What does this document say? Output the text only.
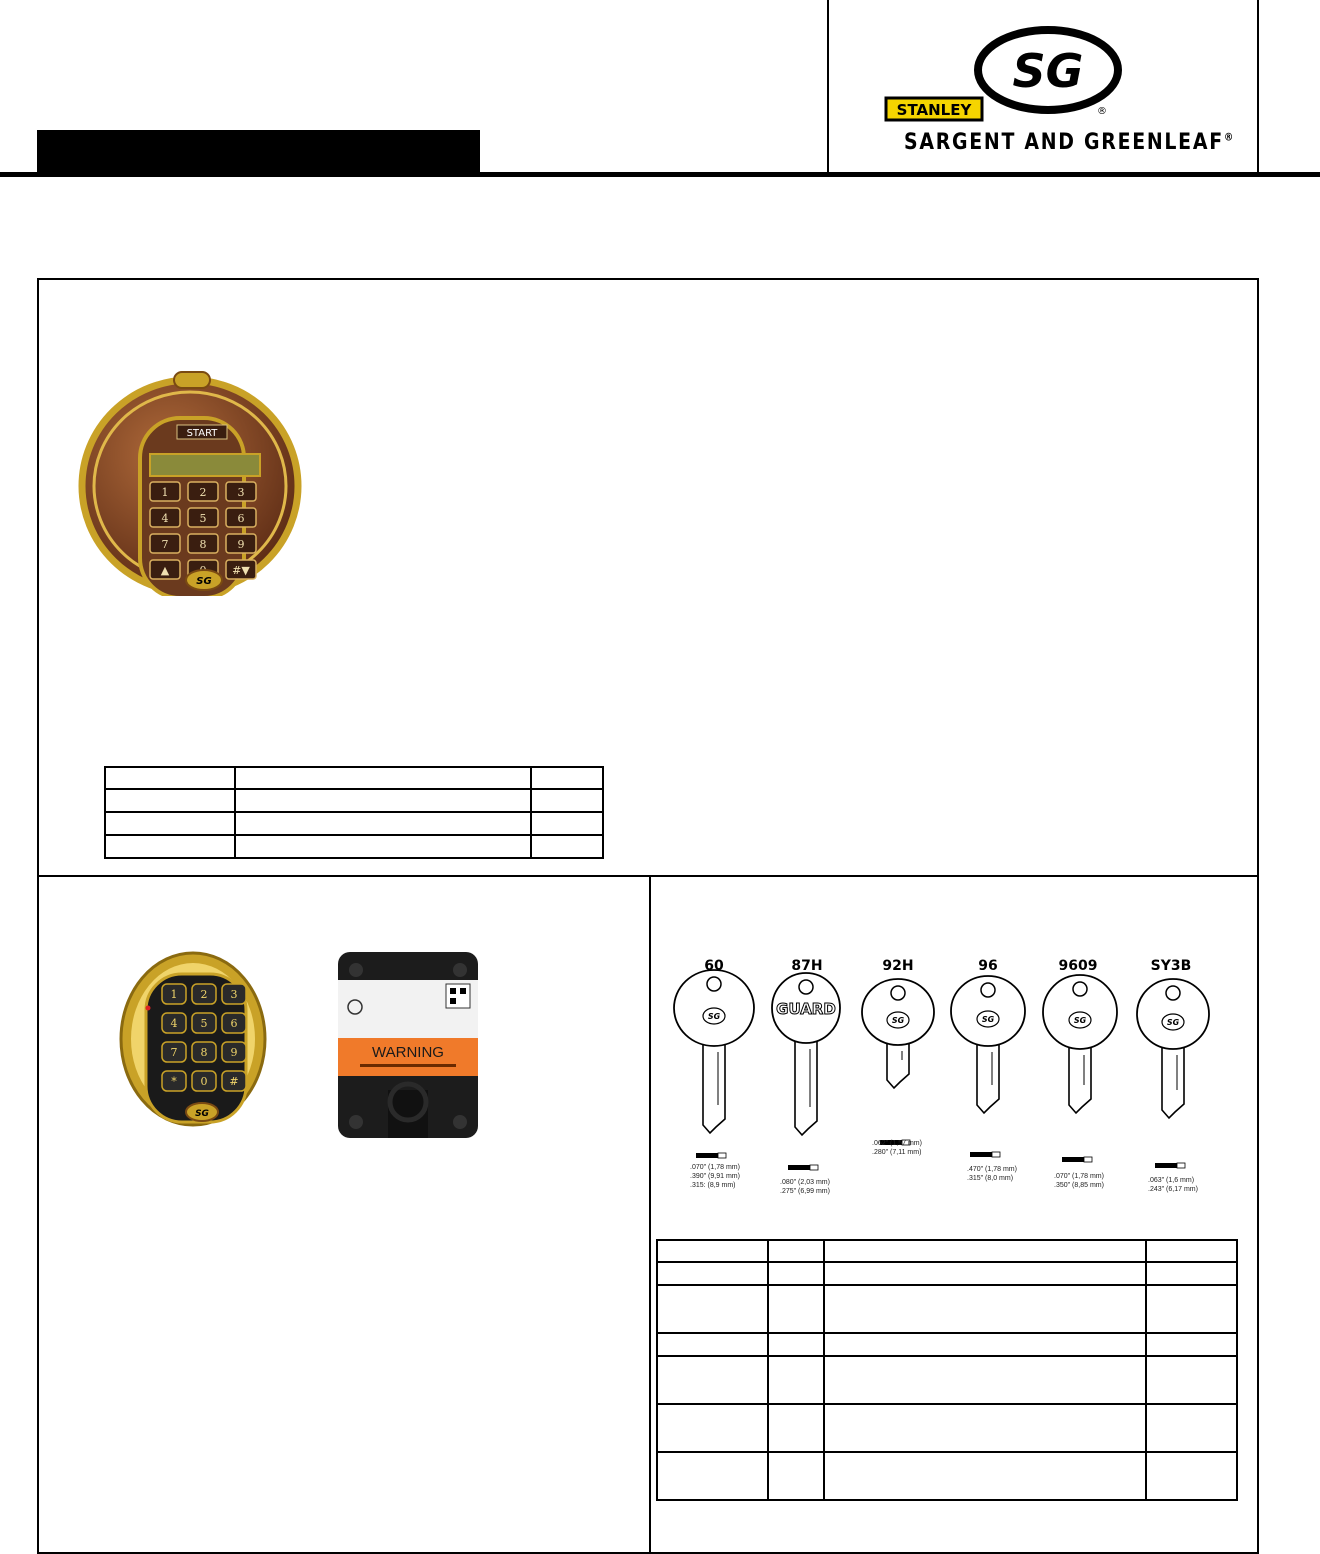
SG
®
STANLEY
SARGENT AND GREENLEAF®
START
1	2	3
4	5	6
7	8	9
▲	#▼
SG

1 2 3
4 5 6
7 8 9
* 0 #
SG
WARNING
SG	GUARD
SG	SG	SG	SG
60	87H	92H	96	9609	SY3B
.070" (1,78 mm)
.390" (9,91 mm)
.315: (8,9 mm)	.080" (2,03 mm)
.275" (6,99 mm)
.062" (1,57 mm)
.280" (7,11 mm)
.470" (1,78 mm)
.315" (8,0 mm)	.070" (1,78 mm)
.350" (8,85 mm)
.063" (1,6 mm)
.243" (6,17 mm)
